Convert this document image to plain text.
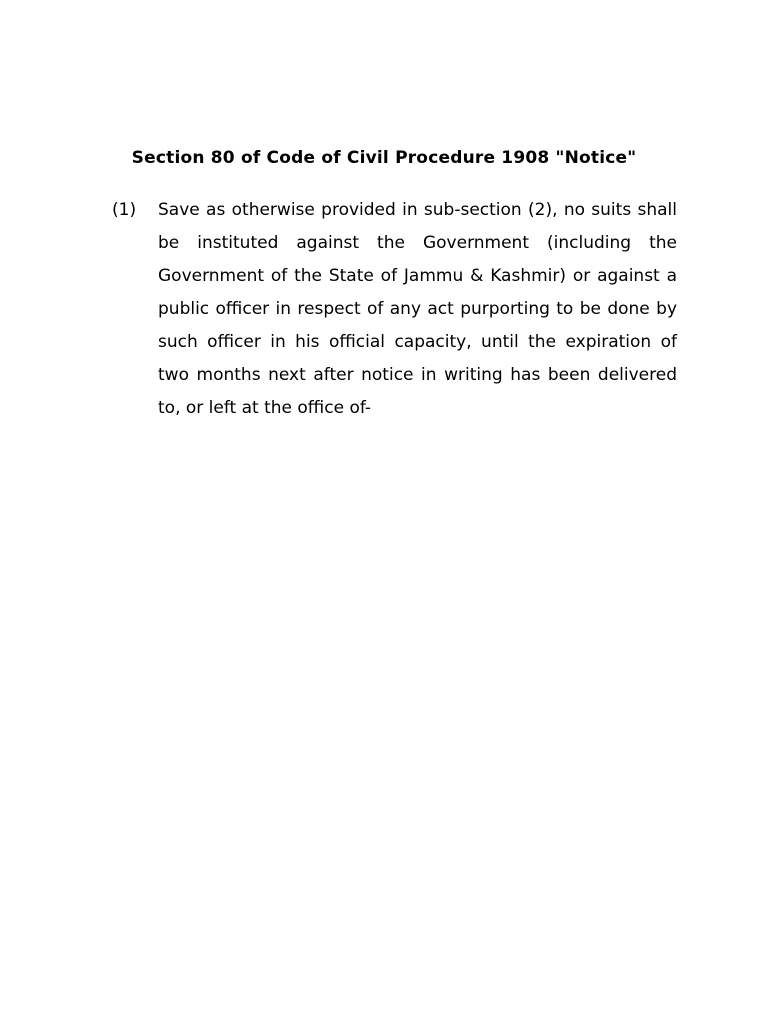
Section 80 of Code of Civil Procedure 1908 "Notice"
(1) Save as otherwise provided in sub-section (2), no suits shall be instituted against the Government (including the Government of the State of Jammu & Kashmir) or against a public officer in respect of any act purporting to be done by such officer in his official capacity, until the expiration of two months next after notice in writing has been delivered to, or left at the office of-
